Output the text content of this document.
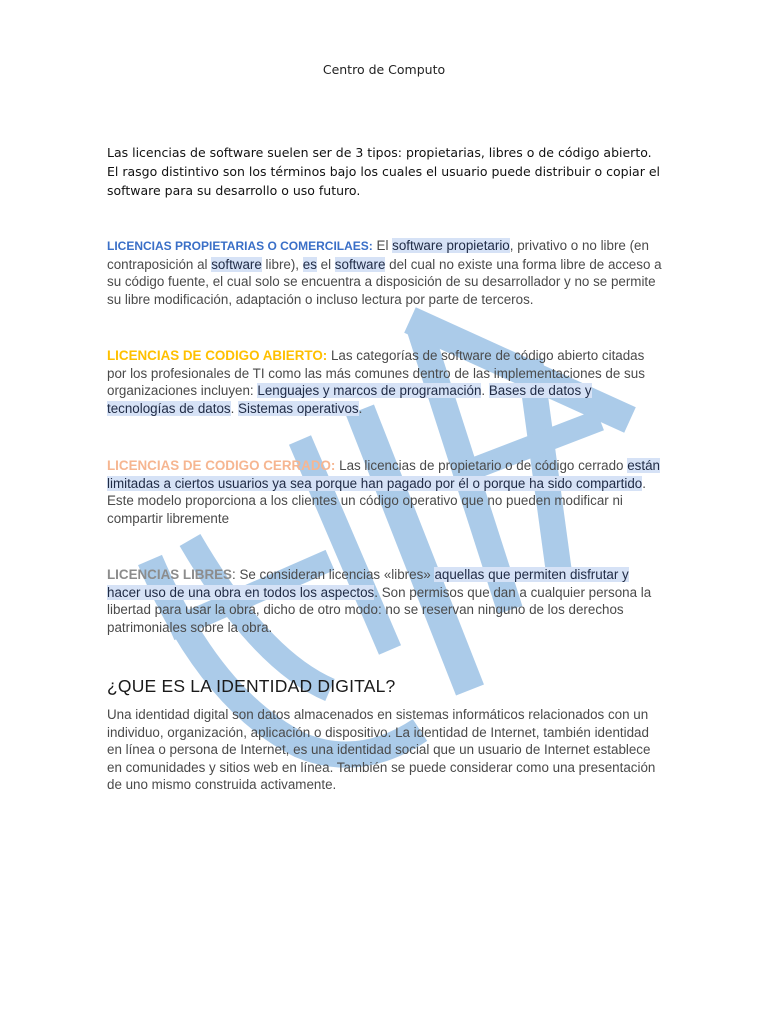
Centro de Computo
Las licencias de software suelen ser de 3 tipos: propietarias, libres o de código abierto. El rasgo distintivo son los términos bajo los cuales el usuario puede distribuir o copiar el software para su desarrollo o uso futuro.
LICENCIAS PROPIETARIAS O COMERCILAES: El software propietario, privativo o no libre (en contraposición al software libre), es el software del cual no existe una forma libre de acceso a su código fuente, el cual solo se encuentra a disposición de su desarrollador y no se permite su libre modificación, adaptación o incluso lectura por parte de terceros.
LICENCIAS DE CODIGO ABIERTO: Las categorías de software de código abierto citadas por los profesionales de TI como las más comunes dentro de las implementaciones de sus organizaciones incluyen: Lenguajes y marcos de programación. Bases de datos y tecnologías de datos. Sistemas operativos.
LICENCIAS DE CODIGO CERRADO: Las licencias de propietario o de código cerrado están limitadas a ciertos usuarios ya sea porque han pagado por él o porque ha sido compartido. Este modelo proporciona a los clientes un código operativo que no pueden modificar ni compartir libremente
LICENCIAS LIBRES: Se consideran licencias «libres» aquellas que permiten disfrutar y hacer uso de una obra en todos los aspectos. Son permisos que dan a cualquier persona la libertad para usar la obra, dicho de otro modo: no se reservan ninguno de los derechos patrimoniales sobre la obra.
¿QUE ES LA IDENTIDAD DIGITAL?
Una identidad digital son datos almacenados en sistemas informáticos relacionados con un individuo, organización, aplicación o dispositivo. La identidad de Internet, también identidad en línea o persona de Internet, es una identidad social que un usuario de Internet establece en comunidades y sitios web en línea. También se puede considerar como una presentación de uno mismo construida activamente.
